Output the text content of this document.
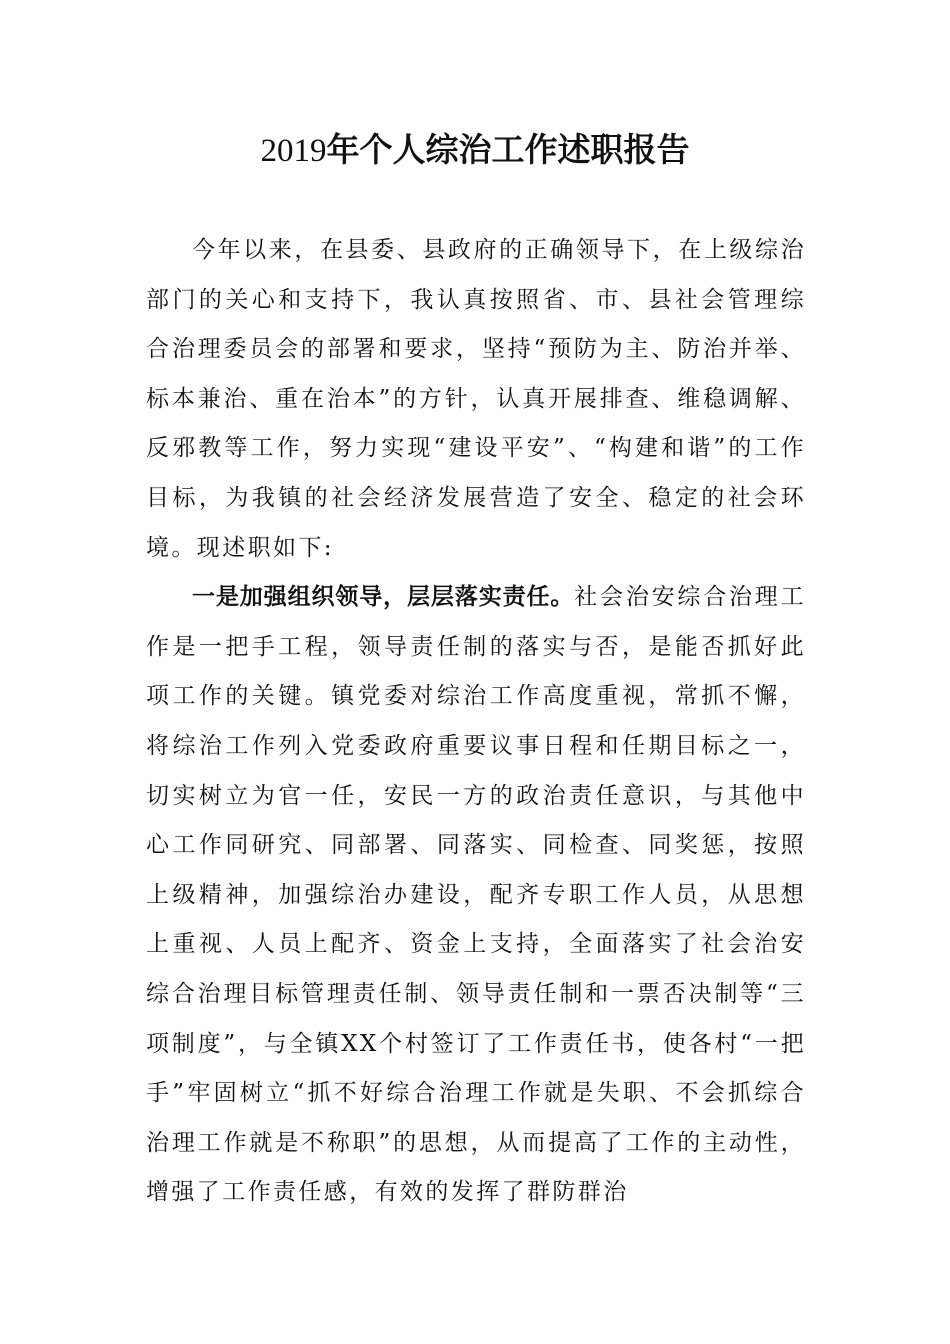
2019年个人综治工作述职报告

今年以来，在县委、县政府的正确领导下，在上级综治部门的关心和支持下，我认真按照省、市、县社会管理综合治理委员会的部署和要求，坚持“预防为主、防治并举、标本兼治、重在治本”的方针，认真开展排查、维稳调解、反邪教等工作，努力实现“建设平安”、“构建和谐”的工作目标，为我镇的社会经济发展营造了安全、稳定的社会环境。现述职如下:

一是加强组织领导，层层落实责任。社会治安综合治理工作是一把手工程，领导责任制的落实与否，是能否抓好此项工作的关键。镇党委对综治工作高度重视，常抓不懈，将综治工作列入党委政府重要议事日程和任期目标之一，切实树立为官一任，安民一方的政治责任意识，与其他中心工作同研究、同部署、同落实、同检查、同奖惩，按照上级精神，加强综治办建设，配齐专职工作人员，从思想上重视、人员上配齐、资金上支持，全面落实了社会治安综合治理目标管理责任制、领导责任制和一票否决制等“三项制度”，与全镇XX个村签订了工作责任书，使各村“一把手”牢固树立“抓不好综合治理工作就是失职、不会抓综合治理工作就是不称职”的思想，从而提高了工作的主动性，增强了工作责任感，有效的发挥了群防群治
